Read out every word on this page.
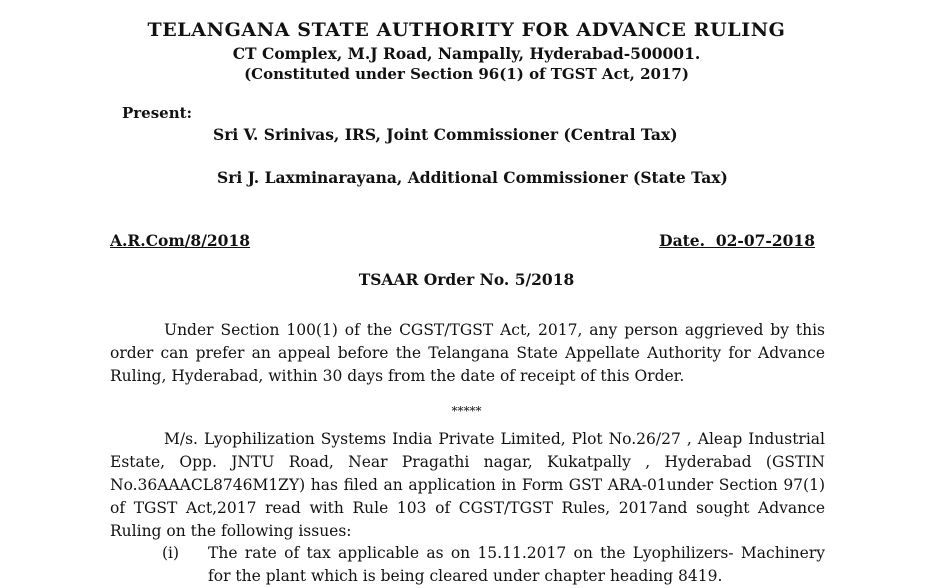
TELANGANA STATE AUTHORITY FOR ADVANCE RULING
CT Complex, M.J Road, Nampally, Hyderabad-500001.
(Constituted under Section 96(1) of TGST Act, 2017)
Present:
Sri V. Srinivas, IRS, Joint Commissioner (Central Tax)
Sri J. Laxminarayana, Additional Commissioner (State Tax)
A.R.Com/8/2018	Date.  02-07-2018
TSAAR Order No. 5/2018
Under Section 100(1) of the CGST/TGST Act, 2017, any person aggrieved by this order can prefer an appeal before the Telangana State Appellate Authority for Advance Ruling, Hyderabad, within 30 days from the date of receipt of this Order.
*****
M/s. Lyophilization Systems India Private Limited, Plot No.26/27 , Aleap Industrial Estate, Opp. JNTU Road, Near Pragathi nagar, Kukatpally , Hyderabad (GSTIN No.36AAACL8746M1ZY) has filed an application in Form GST ARA-01under Section 97(1) of TGST Act,2017 read with Rule 103 of CGST/TGST Rules, 2017and sought Advance Ruling on the following issues:
(i) The rate of tax applicable as on 15.11.2017 on the Lyophilizers- Machinery for the plant which is being cleared under chapter heading 8419.
